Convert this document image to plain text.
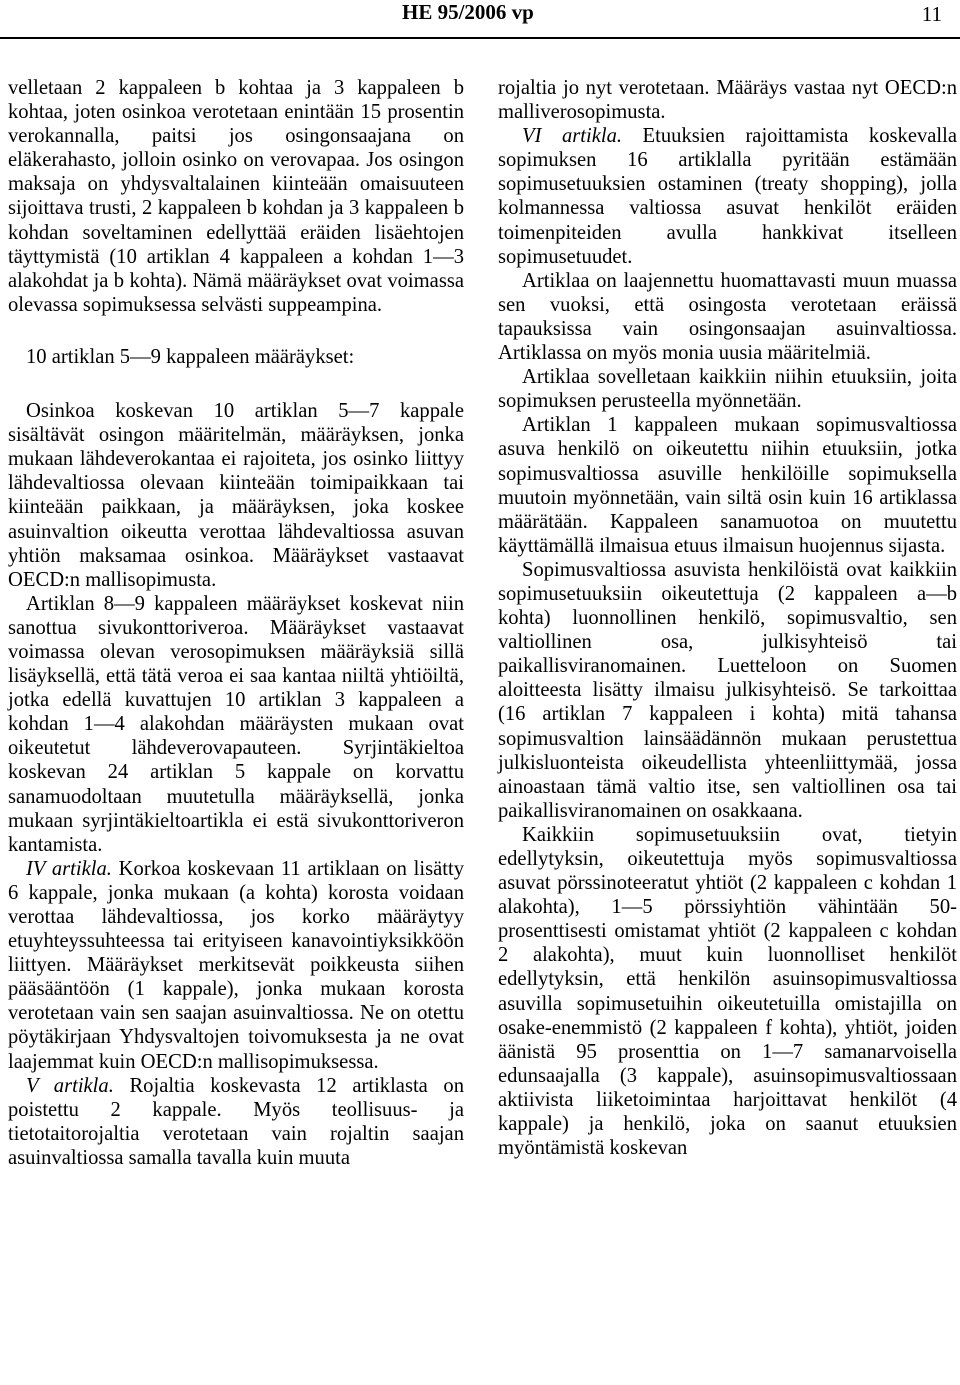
HE 95/2006 vp	11

velletaan 2 kappaleen b kohtaa ja 3 kappaleen b kohtaa, joten osinkoa verotetaan enintään 15 prosentin verokannalla, paitsi jos osingonsaajana on eläkerahasto, jolloin osinko on verovapaa. Jos osingon maksaja on yhdysvaltalainen kiinteään omaisuuteen sijoittava trusti, 2 kappaleen b kohdan ja 3 kappaleen b kohdan soveltaminen edellyttää eräiden lisäehtojen täyttymistä (10 artiklan 4 kappaleen a kohdan 1—3 alakohdat ja b kohta). Nämä määräykset ovat voimassa olevassa sopimuksessa selvästi suppeampina.

10 artiklan 5—9 kappaleen määräykset:

Osinkoa koskevan 10 artiklan 5—7 kappale sisältävät osingon määritelmän, määräyksen, jonka mukaan lähdeverokantaa ei rajoiteta, jos osinko liittyy lähdevaltiossa olevaan kiinteään toimipaikkaan tai kiinteään paikkaan, ja määräyksen, joka koskee asuinvaltion oikeutta verottaa lähdevaltiossa asuvan yhtiön maksamaa osinkoa. Määräykset vastaavat OECD:n mallisopimusta.

Artiklan 8—9 kappaleen määräykset koskevat niin sanottua sivukonttoriveroa. Määräykset vastaavat voimassa olevan verosopimuksen määräyksiä sillä lisäyksellä, että tätä veroa ei saa kantaa niiltä yhtiöiltä, jotka edellä kuvattujen 10 artiklan 3 kappaleen a kohdan 1—4 alakohdan määräysten mukaan ovat oikeutetut lähdeverovapauteen. Syrjintäkieltoa koskevan 24 artiklan 5 kappale on korvattu sanamuodoltaan muutetulla määräyksellä, jonka mukaan syrjintäkieltoartikla ei estä sivukonttoriveron kantamista.

IV artikla. Korkoa koskevaan 11 artiklaan on lisätty 6 kappale, jonka mukaan (a kohta) korosta voidaan verottaa lähdevaltiossa, jos korko määräytyy etuyhteyssuhteessa tai erityiseen kanavointiyksikköön liittyen. Määräykset merkitsevät poikkeusta siihen pääsääntöön (1 kappale), jonka mukaan korosta verotetaan vain sen saajan asuinvaltiossa. Ne on otettu pöytäkirjaan Yhdysvaltojen toivomuksesta ja ne ovat laajemmat kuin OECD:n mallisopimuksessa.

V artikla. Rojaltia koskevasta 12 artiklasta on poistettu 2 kappale. Myös teollisuus- ja tietotaitorojaltia verotetaan vain rojaltin saajan asuinvaltiossa samalla tavalla kuin muuta

rojaltia jo nyt verotetaan. Määräys vastaa nyt OECD:n malliverosopimusta.

VI artikla. Etuuksien rajoittamista koskevalla sopimuksen 16 artiklalla pyritään estämään sopimusetuuksien ostaminen (treaty shopping), jolla kolmannessa valtiossa asuvat henkilöt eräiden toimenpiteiden avulla hankkivat itselleen sopimusetuudet.

Artiklaa on laajennettu huomattavasti muun muassa sen vuoksi, että osingosta verotetaan eräissä tapauksissa vain osingonsaajan asuinvaltiossa. Artiklassa on myös monia uusia määritelmiä.

Artiklaa sovelletaan kaikkiin niihin etuuksiin, joita sopimuksen perusteella myönnetään.

Artiklan 1 kappaleen mukaan sopimusvaltiossa asuva henkilö on oikeutettu niihin etuuksiin, jotka sopimusvaltiossa asuville henkilöille sopimuksella muutoin myönnetään, vain siltä osin kuin 16 artiklassa määrätään. Kappaleen sanamuotoa on muutettu käyttämällä ilmaisua etuus ilmaisun huojennus sijasta.

Sopimusvaltiossa asuvista henkilöistä ovat kaikkiin sopimusetuuksiin oikeutettuja (2 kappaleen a—b kohta) luonnollinen henkilö, sopimusvaltio, sen valtiollinen osa, julkisyhteisö tai paikallisviranomainen. Luetteloon on Suomen aloitteesta lisätty ilmaisu julkisyhteisö. Se tarkoittaa (16 artiklan 7 kappaleen i kohta) mitä tahansa sopimusvaltion lainsäädännön mukaan perustettua julkisluonteista oikeudellista yhteenliittymää, jossa ainoastaan tämä valtio itse, sen valtiollinen osa tai paikallisviranomainen on osakkaana.

Kaikkiin sopimusetuuksiin ovat, tietyin edellytyksin, oikeutettuja myös sopimusvaltiossa asuvat pörssinoteeratut yhtiöt (2 kappaleen c kohdan 1 alakohta), 1—5 pörssiyhtiön vähintään 50-prosenttisesti omistamat yhtiöt (2 kappaleen c kohdan 2 alakohta), muut kuin luonnolliset henkilöt edellytyksin, että henkilön asuinsopimusvaltiossa asuvilla sopimusetuihin oikeutetuilla omistajilla on osake-enemmistö (2 kappaleen f kohta), yhtiöt, joiden äänistä 95 prosenttia on 1—7 samanarvoisella edunsaajalla (3 kappale), asuinsopimusvaltiossaan aktiivista liiketoimintaa harjoittavat henkilöt (4 kappale) ja henkilö, joka on saanut etuuksien myöntämistä koskevan
